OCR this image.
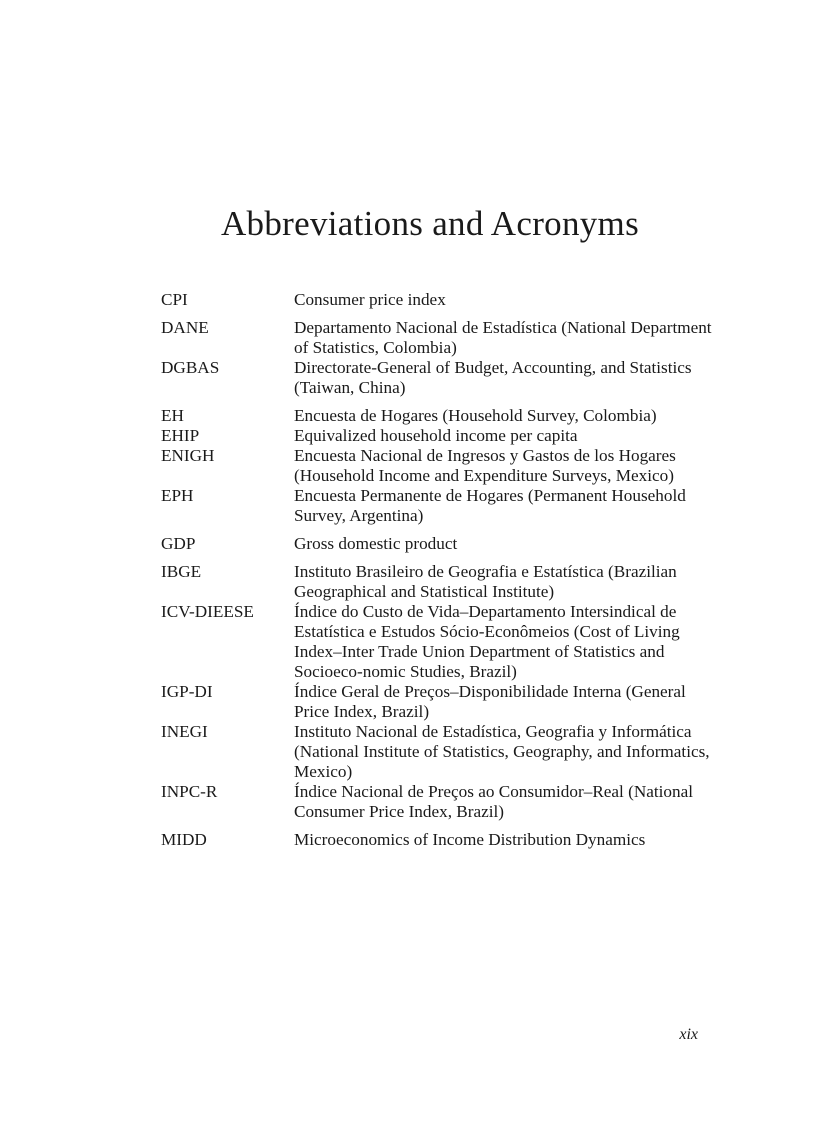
Abbreviations and Acronyms
CPI	Consumer price index
DANE	Departamento Nacional de Estadística (National Department of Statistics, Colombia)
DGBAS	Directorate-General of Budget, Accounting, and Statistics (Taiwan, China)
EH	Encuesta de Hogares (Household Survey, Colombia)
EHIP	Equivalized household income per capita
ENIGH	Encuesta Nacional de Ingresos y Gastos de los Hogares (Household Income and Expenditure Surveys, Mexico)
EPH	Encuesta Permanente de Hogares (Permanent Household Survey, Argentina)
GDP	Gross domestic product
IBGE	Instituto Brasileiro de Geografia e Estatística (Brazilian Geographical and Statistical Institute)
ICV-DIEESE	Índice do Custo de Vida–Departamento Intersindical de Estatística e Estudos Sócio-Econômeios (Cost of Living Index–Inter Trade Union Department of Statistics and Socioeco-nomic Studies, Brazil)
IGP-DI	Índice Geral de Preços–Disponibilidade Interna (General Price Index, Brazil)
INEGI	Instituto Nacional de Estadística, Geografia y Informática (National Institute of Statistics, Geography, and Informatics, Mexico)
INPC-R	Índice Nacional de Preços ao Consumidor–Real (National Consumer Price Index, Brazil)
MIDD	Microeconomics of Income Distribution Dynamics
xix
